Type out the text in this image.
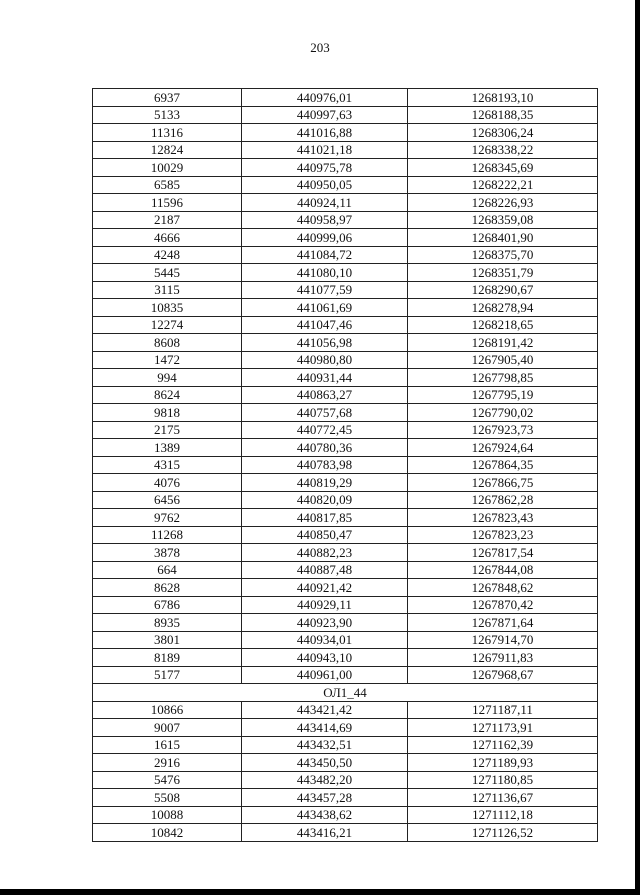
203
6937	440976,01	1268193,10
5133	440997,63	1268188,35
11316	441016,88	1268306,24
12824	441021,18	1268338,22
10029	440975,78	1268345,69
6585	440950,05	1268222,21
11596	440924,11	1268226,93
2187	440958,97	1268359,08
4666	440999,06	1268401,90
4248	441084,72	1268375,70
5445	441080,10	1268351,79
3115	441077,59	1268290,67
10835	441061,69	1268278,94
12274	441047,46	1268218,65
8608	441056,98	1268191,42
1472	440980,80	1267905,40
994	440931,44	1267798,85
8624	440863,27	1267795,19
9818	440757,68	1267790,02
2175	440772,45	1267923,73
1389	440780,36	1267924,64
4315	440783,98	1267864,35
4076	440819,29	1267866,75
6456	440820,09	1267862,28
9762	440817,85	1267823,43
11268	440850,47	1267823,23
3878	440882,23	1267817,54
664	440887,48	1267844,08
8628	440921,42	1267848,62
6786	440929,11	1267870,42
8935	440923,90	1267871,64
3801	440934,01	1267914,70
8189	440943,10	1267911,83
5177	440961,00	1267968,67
ОЛ1_44		
10866	443421,42	1271187,11
9007	443414,69	1271173,91
1615	443432,51	1271162,39
2916	443450,50	1271189,93
5476	443482,20	1271180,85
5508	443457,28	1271136,67
10088	443438,62	1271112,18
10842	443416,21	1271126,52
